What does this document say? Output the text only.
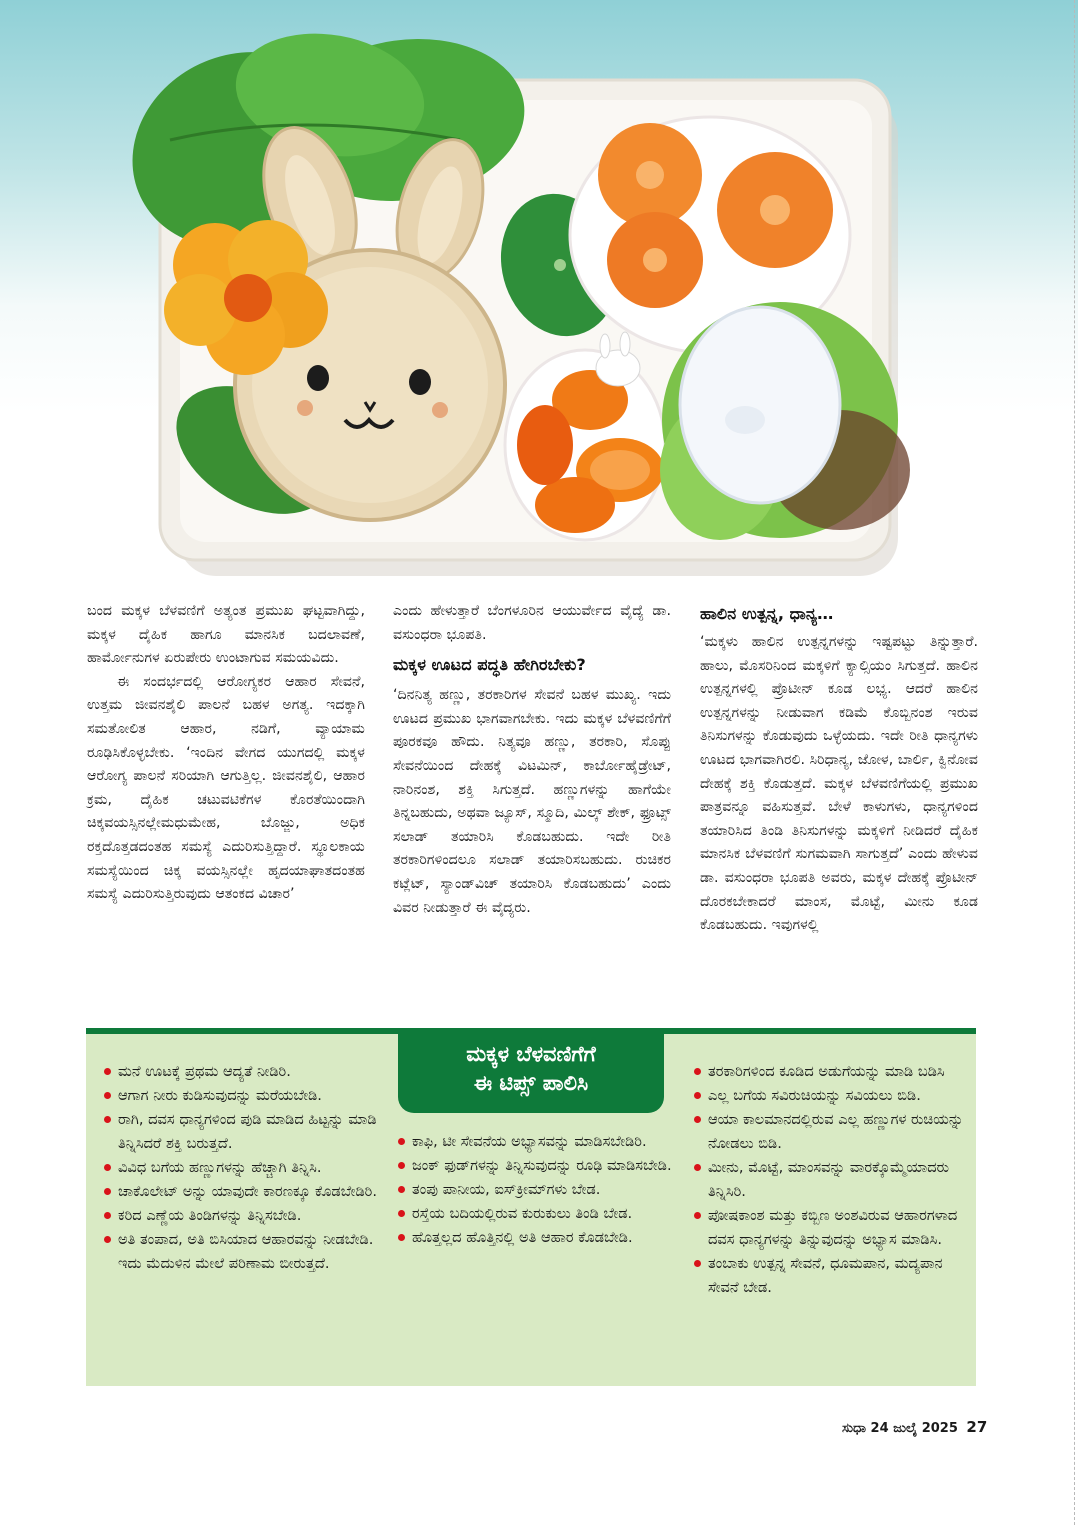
ಬಂದ ಮಕ್ಕಳ ಬೆಳವಣಿಗೆ ಅತ್ಯಂತ ಪ್ರಮುಖ ಘಟ್ಟವಾಗಿದ್ದು, ಮಕ್ಕಳ ದೈಹಿಕ ಹಾಗೂ ಮಾನಸಿಕ ಬದಲಾವಣೆ, ಹಾರ್ಮೋನುಗಳ ಏರುಪೇರು ಉಂಟಾಗುವ ಸಮಯವಿದು.

ಈ ಸಂದರ್ಭದಲ್ಲಿ ಆರೋಗ್ಯಕರ ಆಹಾರ ಸೇವನೆ, ಉತ್ತಮ ಜೀವನಶೈಲಿ ಪಾಲನೆ ಬಹಳ ಅಗತ್ಯ. ಇದಕ್ಕಾಗಿ ಸಮತೋಲಿತ ಆಹಾರ, ನಡಿಗೆ, ವ್ಯಾಯಾಮ ರೂಢಿಸಿಕೊಳ್ಳಬೇಕು. ‘ಇಂದಿನ ವೇಗದ ಯುಗದಲ್ಲಿ ಮಕ್ಕಳ ಆರೋಗ್ಯ ಪಾಲನೆ ಸರಿಯಾಗಿ ಆಗುತ್ತಿಲ್ಲ. ಜೀವನಶೈಲಿ, ಆಹಾರ ಕ್ರಮ, ದೈಹಿಕ ಚಟುವಟಿಕೆಗಳ ಕೊರತೆಯಿಂದಾಗಿ ಚಿಕ್ಕವಯಸ್ಸಿನಲ್ಲೇಮಧುಮೇಹ, ಬೊಜ್ಜು, ಅಧಿಕ ರಕ್ತದೊತ್ತಡದಂತಹ ಸಮಸ್ಯೆ ಎದುರಿಸುತ್ತಿದ್ದಾರೆ. ಸ್ಥೂಲಕಾಯ ಸಮಸ್ಯೆಯಿಂದ ಚಿಕ್ಕ ವಯಸ್ಸಿನಲ್ಲೇ ಹೃದಯಾಘಾತದಂತಹ ಸಮಸ್ಯೆ ಎದುರಿಸುತ್ತಿರುವುದು ಆತಂಕದ ವಿಚಾರ’

ಎಂದು ಹೇಳುತ್ತಾರೆ ಬೆಂಗಳೂರಿನ ಆಯುರ್ವೇದ ವೈದ್ಯೆ ಡಾ. ವಸುಂಧರಾ ಭೂಪತಿ.

ಮಕ್ಕಳ ಊಟದ ಪದ್ಧತಿ ಹೇಗಿರಬೇಕು?

‘ದಿನನಿತ್ಯ ಹಣ್ಣು, ತರಕಾರಿಗಳ ಸೇವನೆ ಬಹಳ ಮುಖ್ಯ. ಇದು ಊಟದ ಪ್ರಮುಖ ಭಾಗವಾಗಬೇಕು. ಇದು ಮಕ್ಕಳ ಬೆಳವಣಿಗೆಗೆ ಪೂರಕವೂ ಹೌದು. ನಿತ್ಯವೂ ಹಣ್ಣು, ತರಕಾರಿ, ಸೊಪ್ಪು ಸೇವನೆಯಿಂದ ದೇಹಕ್ಕೆ ವಿಟಮಿನ್, ಕಾರ್ಬೋಹೈಡ್ರೇಟ್, ನಾರಿನಂಶ, ಶಕ್ತಿ ಸಿಗುತ್ತದೆ. ಹಣ್ಣುಗಳನ್ನು ಹಾಗೆಯೇ ತಿನ್ನಬಹುದು, ಅಥವಾ ಜ್ಯೂಸ್, ಸ್ಮೂದಿ, ಮಿಲ್ಕ್ ಶೇಕ್, ಫ್ರೂಟ್ಸ್ ಸಲಾಡ್ ತಯಾರಿಸಿ ಕೊಡಬಹುದು. ಇದೇ ರೀತಿ ತರಕಾರಿಗಳಿಂದಲೂ ಸಲಾಡ್ ತಯಾರಿಸಬಹುದು. ರುಚಿಕರ ಕಟ್ಲೆಟ್, ಸ್ಯಾಂಡ್‌ವಿಚ್ ತಯಾರಿಸಿ ಕೊಡಬಹುದು’ ಎಂದು ವಿವರ ನೀಡುತ್ತಾರೆ ಈ ವೈದ್ಯರು.

ಹಾಲಿನ ಉತ್ಪನ್ನ, ಧಾನ್ಯ…

‘ಮಕ್ಕಳು ಹಾಲಿನ ಉತ್ಪನ್ನಗಳನ್ನು ಇಷ್ಟಪಟ್ಟು ತಿನ್ನುತ್ತಾರೆ. ಹಾಲು, ಮೊಸರಿನಿಂದ ಮಕ್ಕಳಿಗೆ ಕ್ಯಾಲ್ಸಿಯಂ ಸಿಗುತ್ತದೆ. ಹಾಲಿನ ಉತ್ಪನ್ನಗಳಲ್ಲಿ ಪ್ರೊಟೀನ್ ಕೂಡ ಲಭ್ಯ. ಆದರೆ ಹಾಲಿನ ಉತ್ಪನ್ನಗಳನ್ನು ನೀಡುವಾಗ ಕಡಿಮೆ ಕೊಬ್ಬಿನಂಶ ಇರುವ ತಿನಿಸುಗಳನ್ನು ಕೊಡುವುದು ಒಳ್ಳೆಯದು. ಇದೇ ರೀತಿ ಧಾನ್ಯಗಳು ಊಟದ ಭಾಗವಾಗಿರಲಿ. ಸಿರಿಧಾನ್ಯ, ಜೋಳ, ಬಾರ್ಲಿ, ಕ್ವಿನೋವ ದೇಹಕ್ಕೆ ಶಕ್ತಿ ಕೊಡುತ್ತದೆ. ಮಕ್ಕಳ ಬೆಳವಣಿಗೆಯಲ್ಲಿ ಪ್ರಮುಖ ಪಾತ್ರವನ್ನೂ ವಹಿಸುತ್ತವೆ. ಬೇಳೆ ಕಾಳುಗಳು, ಧಾನ್ಯಗಳಿಂದ ತಯಾರಿಸಿದ ತಿಂಡಿ ತಿನಿಸುಗಳನ್ನು ಮಕ್ಕಳಿಗೆ ನೀಡಿದರೆ ದೈಹಿಕ ಮಾನಸಿಕ ಬೆಳವಣಿಗೆ ಸುಗಮವಾಗಿ ಸಾಗುತ್ತದೆ’ ಎಂದು ಹೇಳುವ ಡಾ. ವಸುಂಧರಾ ಭೂಪತಿ ಅವರು, ಮಕ್ಕಳ ದೇಹಕ್ಕೆ ಪ್ರೊಟೀನ್ ದೊರಕಬೇಕಾದರೆ ಮಾಂಸ, ಮೊಟ್ಟೆ, ಮೀನು ಕೂಡ ಕೊಡಬಹುದು. ಇವುಗಳಲ್ಲಿ

ಮಕ್ಕಳ ಬೆಳವಣಿಗೆಗೆ
ಈ ಟಿಪ್ಸ್ ಪಾಲಿಸಿ
ಮನೆ ಊಟಕ್ಕೆ ಪ್ರಥಮ ಆದ್ಯತೆ ನೀಡಿರಿ.
ಆಗಾಗ ನೀರು ಕುಡಿಸುವುದನ್ನು ಮರೆಯಬೇಡಿ.
ರಾಗಿ, ದವಸ ಧಾನ್ಯಗಳಿಂದ ಪುಡಿ ಮಾಡಿದ ಹಿಟ್ಟನ್ನು ಮಾಡಿ ತಿನ್ನಿಸಿದರೆ ಶಕ್ತಿ ಬರುತ್ತದೆ.
ವಿವಿಧ ಬಗೆಯ ಹಣ್ಣುಗಳನ್ನು ಹೆಚ್ಚಾಗಿ ತಿನ್ನಿಸಿ.
ಚಾಕೊಲೇಟ್ ಅನ್ನು ಯಾವುದೇ ಕಾರಣಕ್ಕೂ ಕೊಡಬೇಡಿರಿ.
ಕರಿದ ಎಣ್ಣೆಯ ತಿಂಡಿಗಳನ್ನು ತಿನ್ನಿಸಬೇಡಿ.
ಅತಿ ತಂಪಾದ, ಅತಿ ಬಿಸಿಯಾದ ಆಹಾರವನ್ನು ನೀಡಬೇಡಿ. ಇದು ಮೆದುಳಿನ ಮೇಲೆ ಪರಿಣಾಮ ಬೀರುತ್ತದೆ.
ಕಾಫಿ, ಟೀ ಸೇವನೆಯ ಅಭ್ಯಾಸವನ್ನು ಮಾಡಿಸಬೇಡಿರಿ.
ಜಂಕ್ ಫುಡ್‌ಗಳನ್ನು ತಿನ್ನಿಸುವುದನ್ನು ರೂಢಿ ಮಾಡಿಸಬೇಡಿ.
ತಂಪು ಪಾನೀಯ, ಐಸ್‌ಕ್ರೀಮ್‌ಗಳು ಬೇಡ.
ರಸ್ತೆಯ ಬದಿಯಲ್ಲಿರುವ ಕುರುಕುಲು ತಿಂಡಿ ಬೇಡ.
ಹೊತ್ತಲ್ಲದ ಹೊತ್ತಿನಲ್ಲಿ ಅತಿ ಆಹಾರ ಕೊಡಬೇಡಿ.
ತರಕಾರಿಗಳಿಂದ ಕೂಡಿದ ಅಡುಗೆಯನ್ನು ಮಾಡಿ ಬಡಿಸಿ
ಎಲ್ಲ ಬಗೆಯ ಸವಿರುಚಿಯನ್ನು ಸವಿಯಲು ಬಿಡಿ.
ಆಯಾ ಕಾಲಮಾನದಲ್ಲಿರುವ ಎಲ್ಲ ಹಣ್ಣುಗಳ ರುಚಿಯನ್ನು ನೋಡಲು ಬಿಡಿ.
ಮೀನು, ಮೊಟ್ಟೆ, ಮಾಂಸವನ್ನು ವಾರಕ್ಕೊಮ್ಮೆಯಾದರು ತಿನ್ನಿಸಿರಿ.
ಪೋಷಕಾಂಶ ಮತ್ತು ಕಬ್ಬಿಣ ಅಂಶವಿರುವ ಆಹಾರಗಳಾದ ದವಸ ಧಾನ್ಯಗಳನ್ನು ತಿನ್ನುವುದನ್ನು ಅಭ್ಯಾಸ ಮಾಡಿಸಿ.
ತಂಬಾಕು ಉತ್ಪನ್ನ ಸೇವನೆ, ಧೂಮಪಾನ, ಮದ್ಯಪಾನ ಸೇವನೆ ಬೇಡ.
ಸುಧಾ 24 ಜುಲೈ 2025 27
